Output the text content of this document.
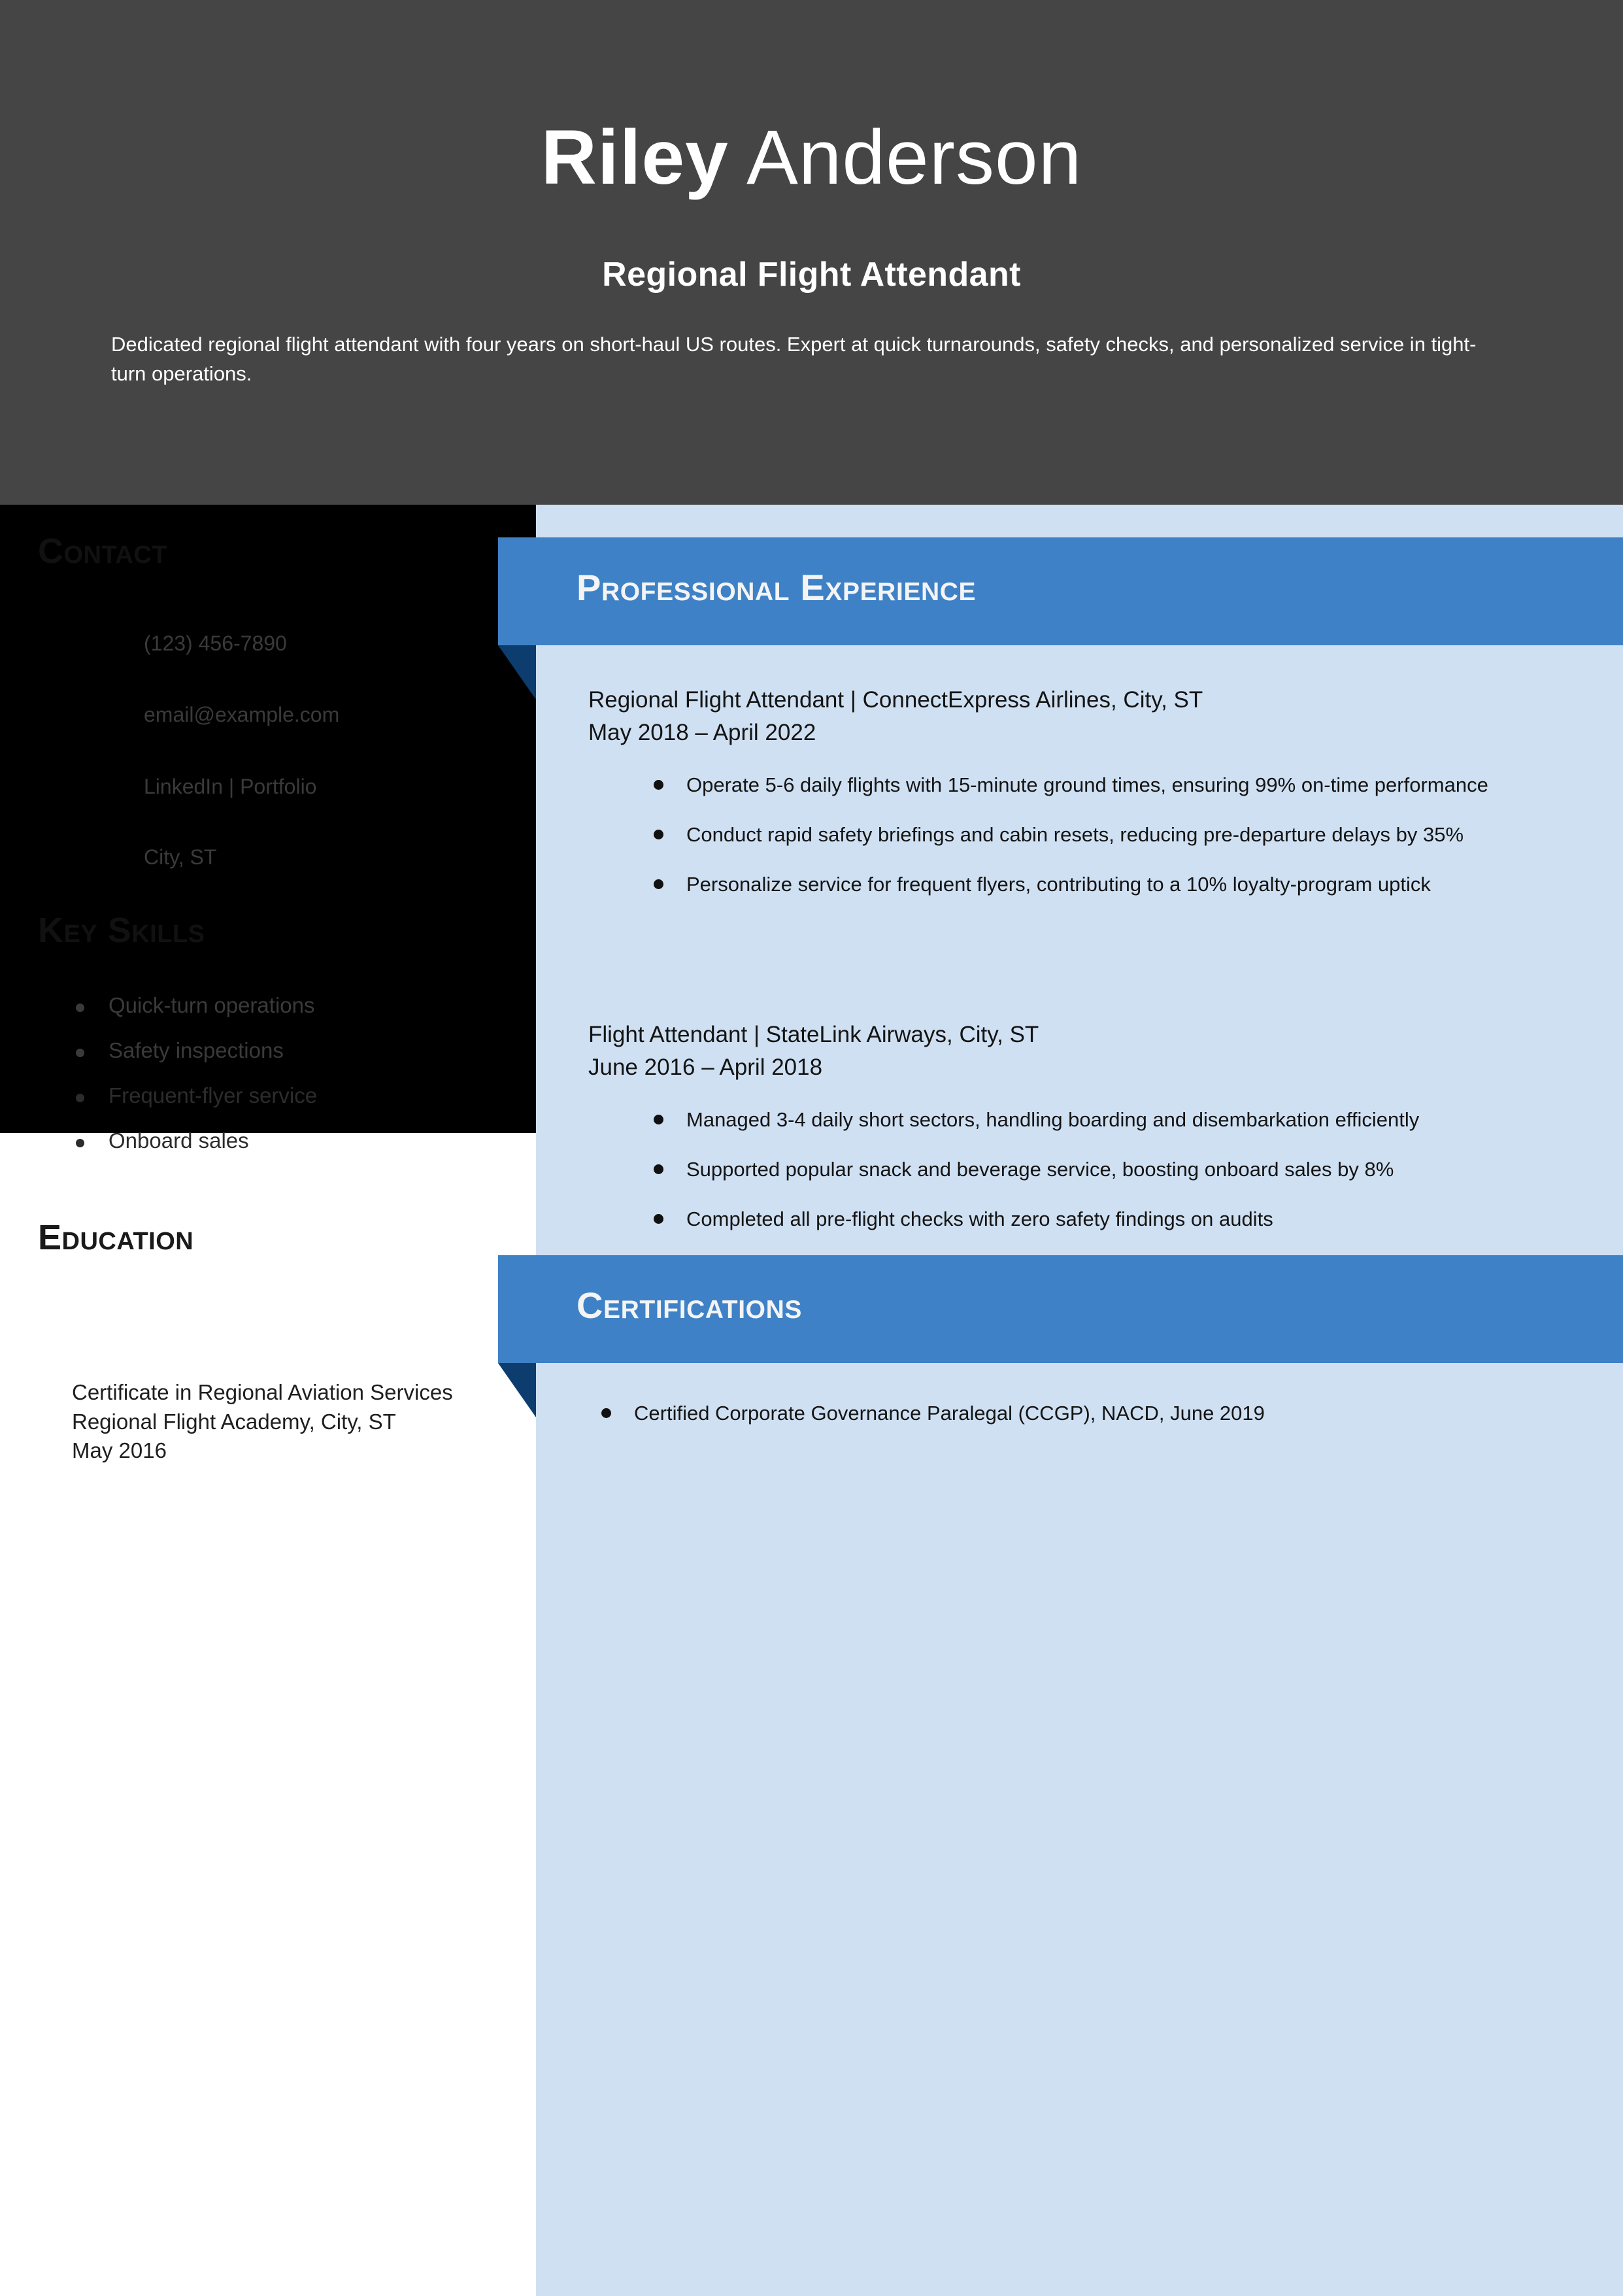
Riley Anderson
Regional Flight Attendant
Dedicated regional flight attendant with four years on short-haul US routes. Expert at quick turnarounds, safety checks, and personalized service in tight-turn operations.
Contact
(123) 456-7890
email@example.com
LinkedIn | Portfolio
City, ST
Key Skills
Quick-turn operations
Safety inspections
Frequent-flyer service
Onboard sales
Education
Certificate in Regional Aviation Services
Regional Flight Academy, City, ST
May 2016
Professional Experience
Regional Flight Attendant | ConnectExpress Airlines, City, ST
May 2018 – April 2022
Operate 5-6 daily flights with 15-minute ground times, ensuring 99% on-time performance
Conduct rapid safety briefings and cabin resets, reducing pre-departure delays by 35%
Personalize service for frequent flyers, contributing to a 10% loyalty-program uptick
Flight Attendant | StateLink Airways, City, ST
June 2016 – April 2018
Managed 3-4 daily short sectors, handling boarding and disembarkation efficiently
Supported popular snack and beverage service, boosting onboard sales by 8%
Completed all pre-flight checks with zero safety findings on audits
Certifications
Certified Corporate Governance Paralegal (CCGP), NACD, June 2019
